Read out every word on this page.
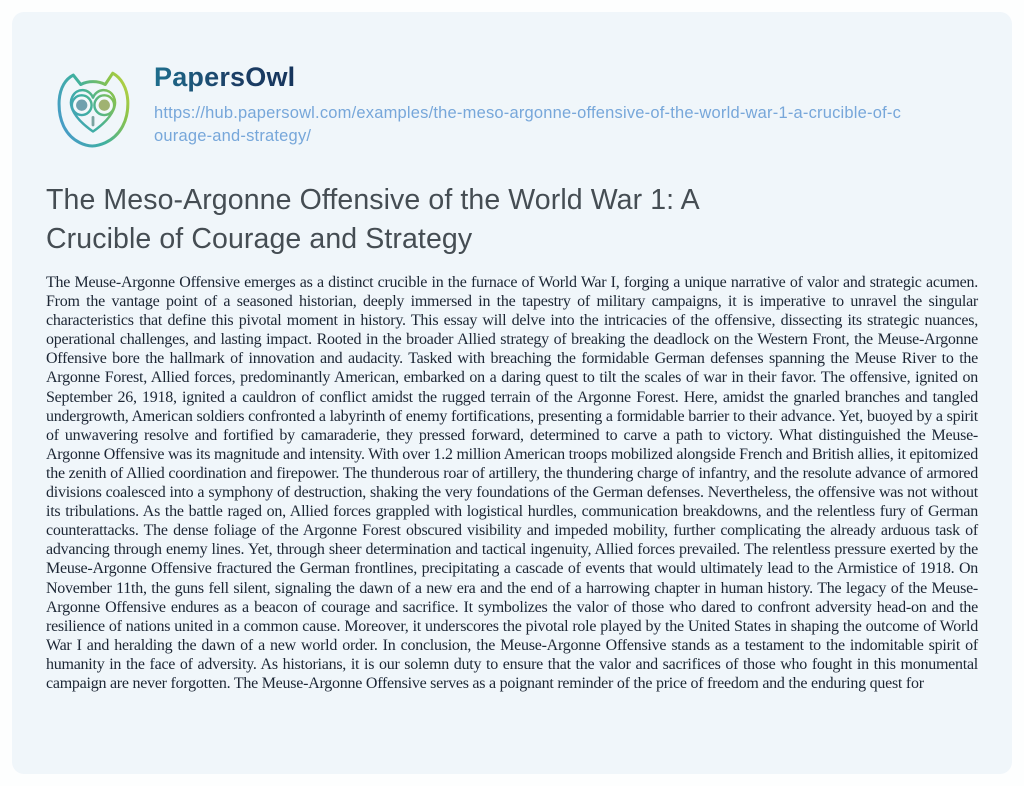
PapersOwl
https://hub.papersowl.com/examples/the-meso-argonne-offensive-of-the-world-war-1-a-crucible-of-courage-and-strategy/
The Meso-Argonne Offensive of the World War 1: A Crucible of Courage and Strategy

The Meuse-Argonne Offensive emerges as a distinct crucible in the furnace of World War I, forging a unique narrative of valor and strategic acumen. From the vantage point of a seasoned historian, deeply immersed in the tapestry of military campaigns, it is imperative to unravel the singular characteristics that define this pivotal moment in history. This essay will delve into the intricacies of the offensive, dissecting its strategic nuances, operational challenges, and lasting impact. Rooted in the broader Allied strategy of breaking the deadlock on the Western Front, the Meuse-Argonne Offensive bore the hallmark of innovation and audacity. Tasked with breaching the formidable German defenses spanning the Meuse River to the Argonne Forest, Allied forces, predominantly American, embarked on a daring quest to tilt the scales of war in their favor. The offensive, ignited on September 26, 1918, ignited a cauldron of conflict amidst the rugged terrain of the Argonne Forest. Here, amidst the gnarled branches and tangled undergrowth, American soldiers confronted a labyrinth of enemy fortifications, presenting a formidable barrier to their advance. Yet, buoyed by a spirit of unwavering resolve and fortified by camaraderie, they pressed forward, determined to carve a path to victory. What distinguished the Meuse-Argonne Offensive was its magnitude and intensity. With over 1.2 million American troops mobilized alongside French and British allies, it epitomized the zenith of Allied coordination and firepower. The thunderous roar of artillery, the thundering charge of infantry, and the resolute advance of armored divisions coalesced into a symphony of destruction, shaking the very foundations of the German defenses. Nevertheless, the offensive was not without its tribulations. As the battle raged on, Allied forces grappled with logistical hurdles, communication breakdowns, and the relentless fury of German counterattacks. The dense foliage of the Argonne Forest obscured visibility and impeded mobility, further complicating the already arduous task of advancing through enemy lines. Yet, through sheer determination and tactical ingenuity, Allied forces prevailed. The relentless pressure exerted by the Meuse-Argonne Offensive fractured the German frontlines, precipitating a cascade of events that would ultimately lead to the Armistice of 1918. On November 11th, the guns fell silent, signaling the dawn of a new era and the end of a harrowing chapter in human history. The legacy of the Meuse-Argonne Offensive endures as a beacon of courage and sacrifice. It symbolizes the valor of those who dared to confront adversity head-on and the resilience of nations united in a common cause. Moreover, it underscores the pivotal role played by the United States in shaping the outcome of World War I and heralding the dawn of a new world order. In conclusion, the Meuse-Argonne Offensive stands as a testament to the indomitable spirit of humanity in the face of adversity. As historians, it is our solemn duty to ensure that the valor and sacrifices of those who fought in this monumental campaign are never forgotten. The Meuse-Argonne Offensive serves as a poignant reminder of the price of freedom and the enduring quest for
